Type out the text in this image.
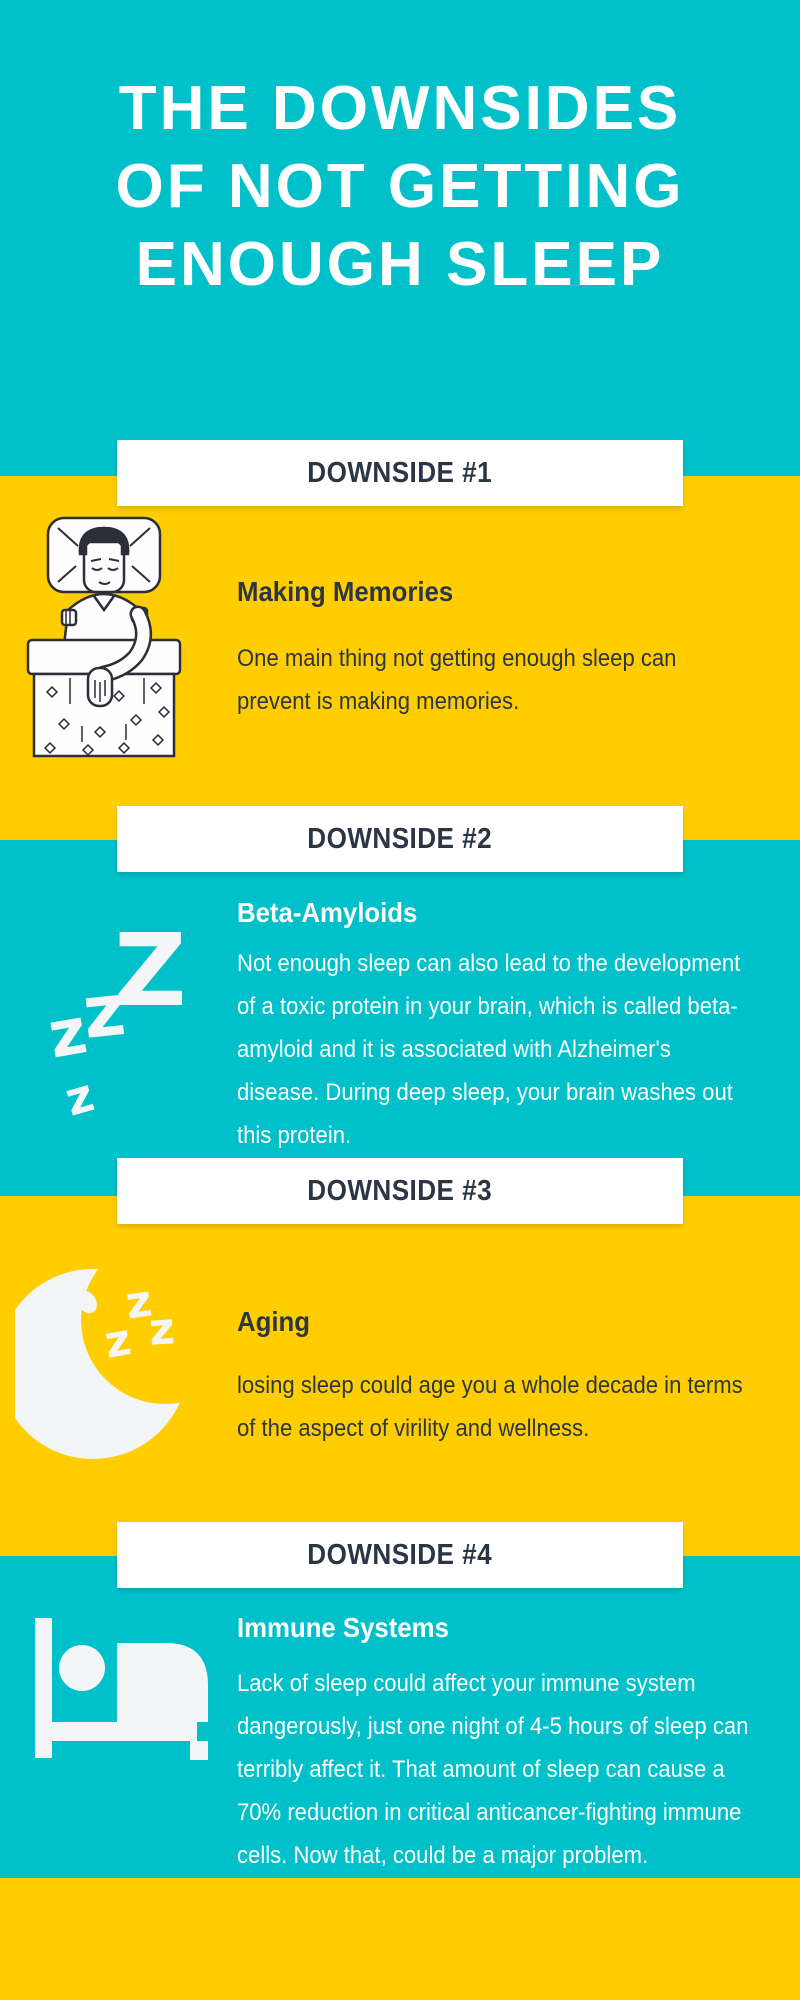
THE DOWNSIDES
OF NOT GETTING
ENOUGH SLEEP
DOWNSIDE #1
DOWNSIDE #2
DOWNSIDE #3
DOWNSIDE #4
Making Memories
One main thing not getting enough sleep can
prevent is making memories.
Z
z
z
z
Beta-Amyloids
Not enough sleep can also lead to the development
of a toxic protein in your brain, which is called beta-
amyloid and it is associated with Alzheimer's
disease. During deep sleep, your brain washes out
this protein.
z
z
z	Aging
losing sleep could age you a whole decade in terms
of the aspect of virility and wellness.
Immune Systems
Lack of sleep could affect your immune system
dangerously, just one night of 4-5 hours of sleep can
terribly affect it. That amount of sleep can cause a
70% reduction in critical anticancer-fighting immune
cells. Now that, could be a major problem.
